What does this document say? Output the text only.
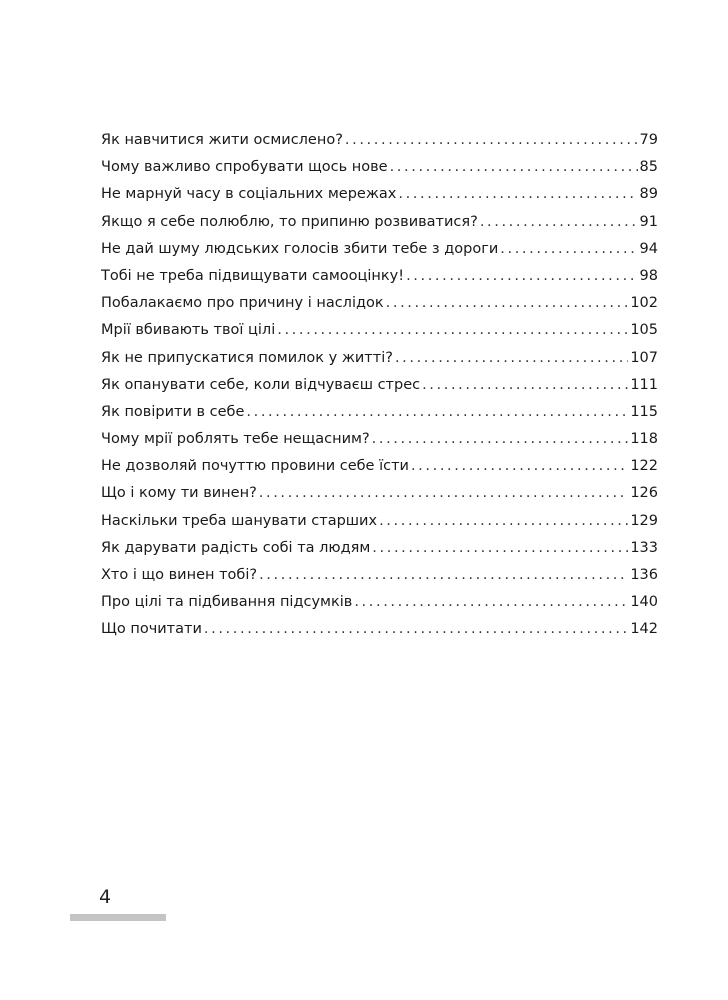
Як навчитися жити осмислено? . . .	79
Чому важливо спробувати щось нове . . .	85
Не марнуй часу в соціальних мережах . . .	89
Якщо я себе полюблю, то припиню розвиватися? . . .	91
Не дай шуму людських голосів збити тебе з дороги . . .	94
Тобі не треба підвищувати самооцінку! . . .	98
Побалакаємо про причину і наслідок . . .	102
Мрії вбивають твої цілі . . .	105
Як не припускатися помилок у житті? . . .	107
Як опанувати себе, коли відчуваєш стрес . . .	111
Як повірити в себе . . .	115
Чому мрії роблять тебе нещасним? . . .	118
Не дозволяй почуттю провини себе їсти . . .	122
Що і кому ти винен? . . .	126
Наскільки треба шанувати старших . . .	129
Як дарувати радість собі та людям . . .	133
Хто і що винен тобі? . . .	136
Про цілі та підбивання підсумків . . .	140
Що почитати . . .	142
4
